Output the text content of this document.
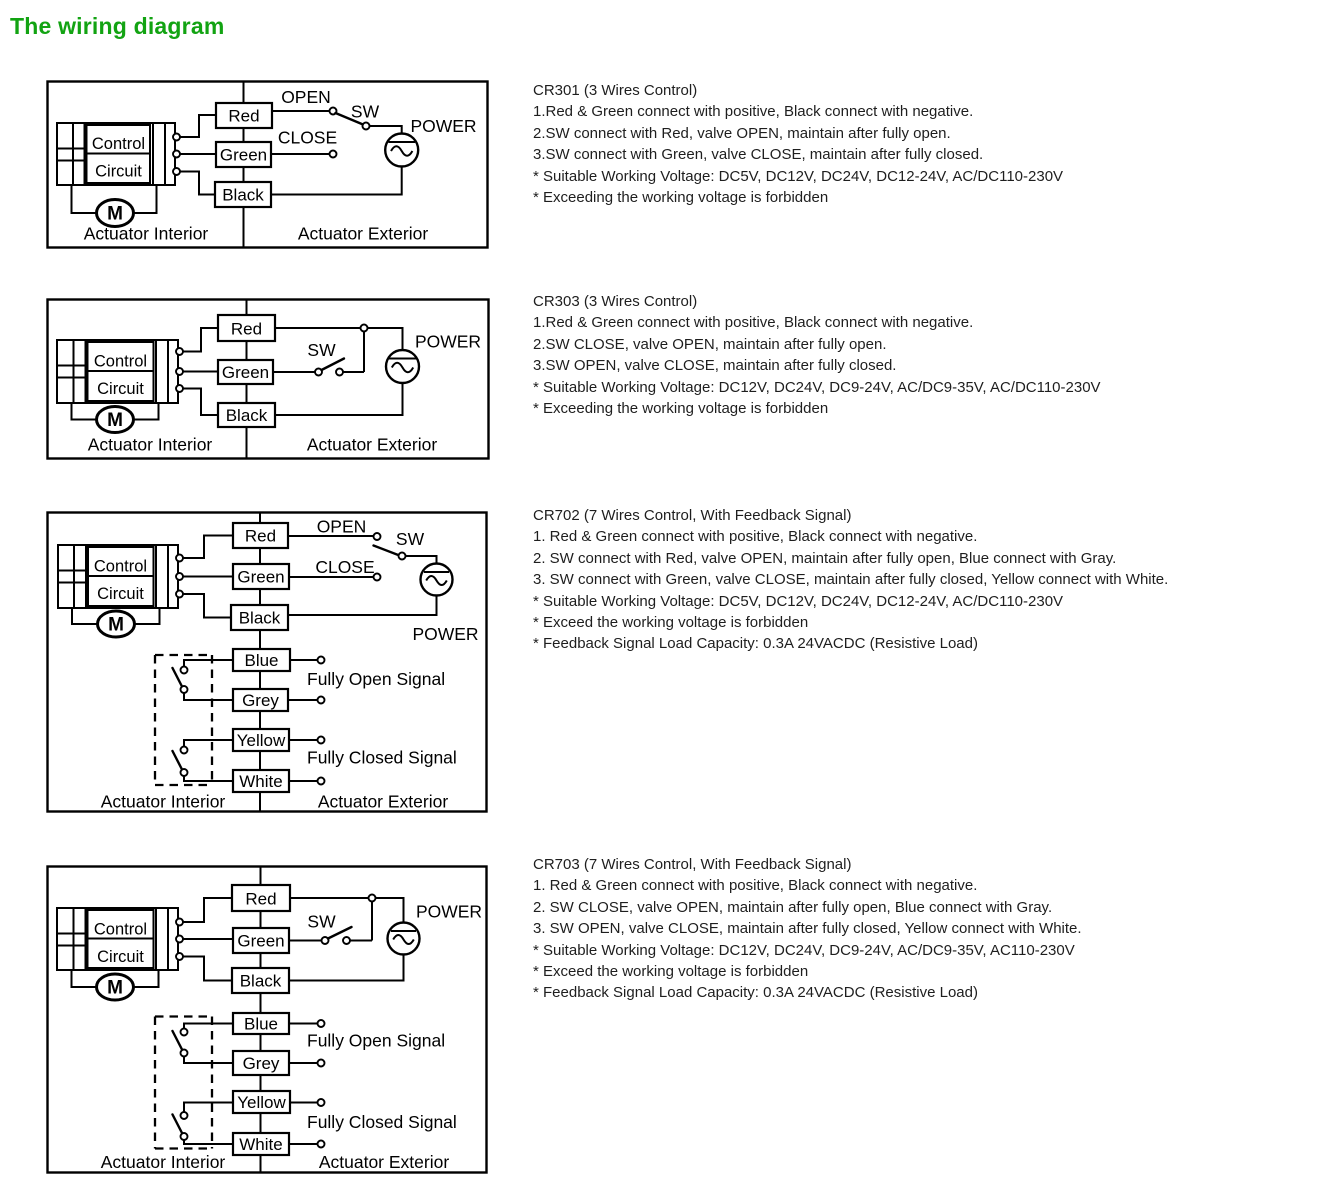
The wiring diagram
Control
Circuit
M
Red
Green
Black
OPEN
SW
CLOSE
POWER
Actuator Interior	Actuator Exterior
CR301 (3 Wires Control)
1.Red & Green connect with positive, Black connect with negative.
2.SW connect with Red, valve OPEN, maintain after fully open.
3.SW connect with Green, valve CLOSE, maintain after fully closed.
* Suitable Working Voltage: DC5V, DC12V, DC24V, DC12-24V, AC/DC110-230V
* Exceeding the working voltage is forbidden
Control
Circuit
M
Red
Green
Black
SW	POWER
Actuator Interior	Actuator Exterior
CR303 (3 Wires Control)
1.Red & Green connect with positive, Black connect with negative.
2.SW CLOSE, valve OPEN, maintain after fully open.
3.SW OPEN, valve CLOSE, maintain after fully closed.
* Suitable Working Voltage: DC12V, DC24V, DC9-24V, AC/DC9-35V, AC/DC110-230V
* Exceeding the working voltage is forbidden
Control
Circuit
M
Red
Green
Black
Blue
Grey
Yellow
White
OPEN
SW
CLOSE
POWER
Fully Open Signal
Fully Closed Signal
Actuator Interior	Actuator Exterior
CR702 (7 Wires Control, With Feedback Signal)
1. Red & Green connect with positive, Black connect with negative.
2. SW connect with Red, valve OPEN, maintain after fully open, Blue connect with Gray.
3. SW connect with Green, valve CLOSE, maintain after fully closed, Yellow connect with White.
* Suitable Working Voltage: DC5V, DC12V, DC24V, DC12-24V, AC/DC110-230V
* Exceed the working voltage is forbidden
* Feedback Signal Load Capacity: 0.3A 24VACDC (Resistive Load)
Control
Circuit
M
Red
Green
Black
Blue
Grey
Yellow
White
SW	POWER
Fully Open Signal
Fully Closed Signal
Actuator Interior	Actuator Exterior
CR703 (7 Wires Control, With Feedback Signal)
1. Red & Green connect with positive, Black connect with negative.
2. SW CLOSE, valve OPEN, maintain after fully open, Blue connect with Gray.
3. SW OPEN, valve CLOSE, maintain after fully closed, Yellow connect with White.
* Suitable Working Voltage: DC12V, DC24V, DC9-24V, AC/DC9-35V, AC110-230V
* Exceed the working voltage is forbidden
* Feedback Signal Load Capacity: 0.3A 24VACDC (Resistive Load)
